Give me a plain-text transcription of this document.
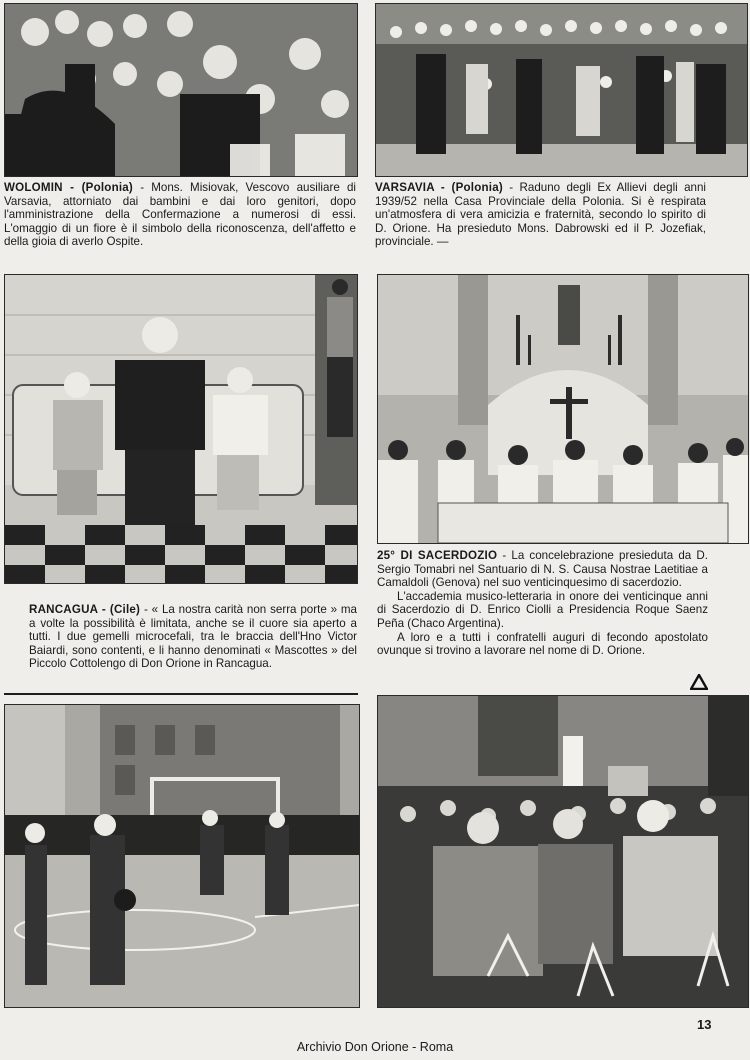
WOLOMIN - (Polonia) - Mons. Misiovak, Vescovo ausiliare di Varsavia, attorniato dai bambini e dai loro genitori, dopo l'amministrazione della Confermazione a numerosi di essi. L'omaggio di un fiore è il simbolo della riconoscenza, dell'affetto e della gioia di averlo Ospite.

VARSAVIA - (Polonia) - Raduno degli Ex Allievi degli anni 1939/52 nella Casa Provinciale della Polonia. Si è respirata un'atmosfera di vera amicizia e fraternità, secondo lo spirito di D. Orione. Ha presieduto Mons. Dabrowski ed il P. Jozefiak, provinciale. —

RANCAGUA - (Cile) - « La nostra carità non serra porte » ma a volte la possibilità è limitata, anche se il cuore sia aperto a tutti. I due gemelli microcefali, tra le braccia dell'Hno Victor Baiardi, sono contenti, e li hanno denominati « Mascottes » del Piccolo Cottolengo di Don Orione in Rancagua.

25° DI SACERDOZIO - La concelebrazione presieduta da D. Sergio Tomabri nel Santuario di N. S. Causa Nostrae Laetitiae a Camaldoli (Genova) nel suo venticinquesimo di sacerdozio.

L'accademia musico-letteraria in onore dei venticinque anni di Sacerdozio di D. Enrico Ciolli a Presidencia Roque Saenz Peña (Chaco Argentina).

A loro e a tutti i confratelli auguri di fecondo apostolato ovunque si trovino a lavorare nel nome di D. Orione.

13
Archivio Don Orione - Roma
